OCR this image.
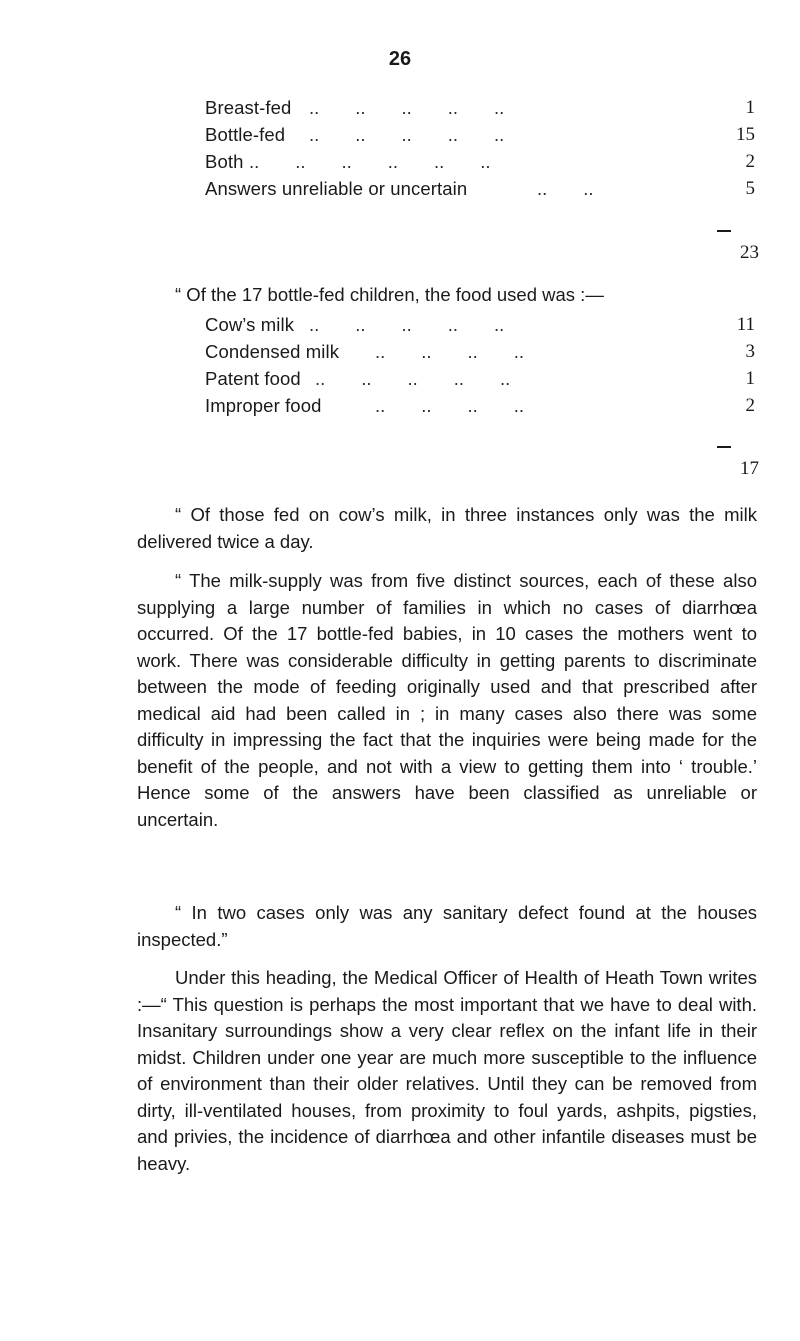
26
Breast-fed ..       ..       ..       ..       ..	1
Bottle-fed ..       ..       ..       ..       ..	15
Both ..       ..       ..       ..       ..       ..	2
Answers unreliable or uncertain	..       ..	5
23
“ Of the 17 bottle-fed children, the food used was :—
Cow’s milk ..       ..       ..       ..       ..	11
Condensed milk ..       ..       ..       ..	3
Patent food ..       ..       ..       ..       ..	1
Improper food	..       ..       ..       ..	2
17

“ Of those fed on cow’s milk, in three instances only was the milk delivered twice a day.

“ The milk-supply was from five distinct sources, each of these also supplying a large number of families in which no cases of diarrhœa occurred. Of the 17 bottle-fed babies, in 10 cases the mothers went to work. There was considerable difficulty in getting parents to discriminate between the mode of feeding originally used and that prescribed after medical aid had been called in ; in many cases also there was some difficulty in impressing the fact that the inquiries were being made for the benefit of the people, and not with a view to getting them into ‘ trouble.’ Hence some of the answers have been classified as unreliable or uncertain.

“ In two cases only was any sanitary defect found at the houses inspected.”

Under this heading, the Medical Officer of Health of Heath Town writes :—“ This question is perhaps the most important that we have to deal with. Insanitary surroundings show a very clear reflex on the infant life in their midst. Children under one year are much more susceptible to the influence of environment than their older relatives. Until they can be removed from dirty, ill-ventilated houses, from proximity to foul yards, ashpits, pigsties, and privies, the incidence of diarrhœa and other infantile diseases must be heavy.
